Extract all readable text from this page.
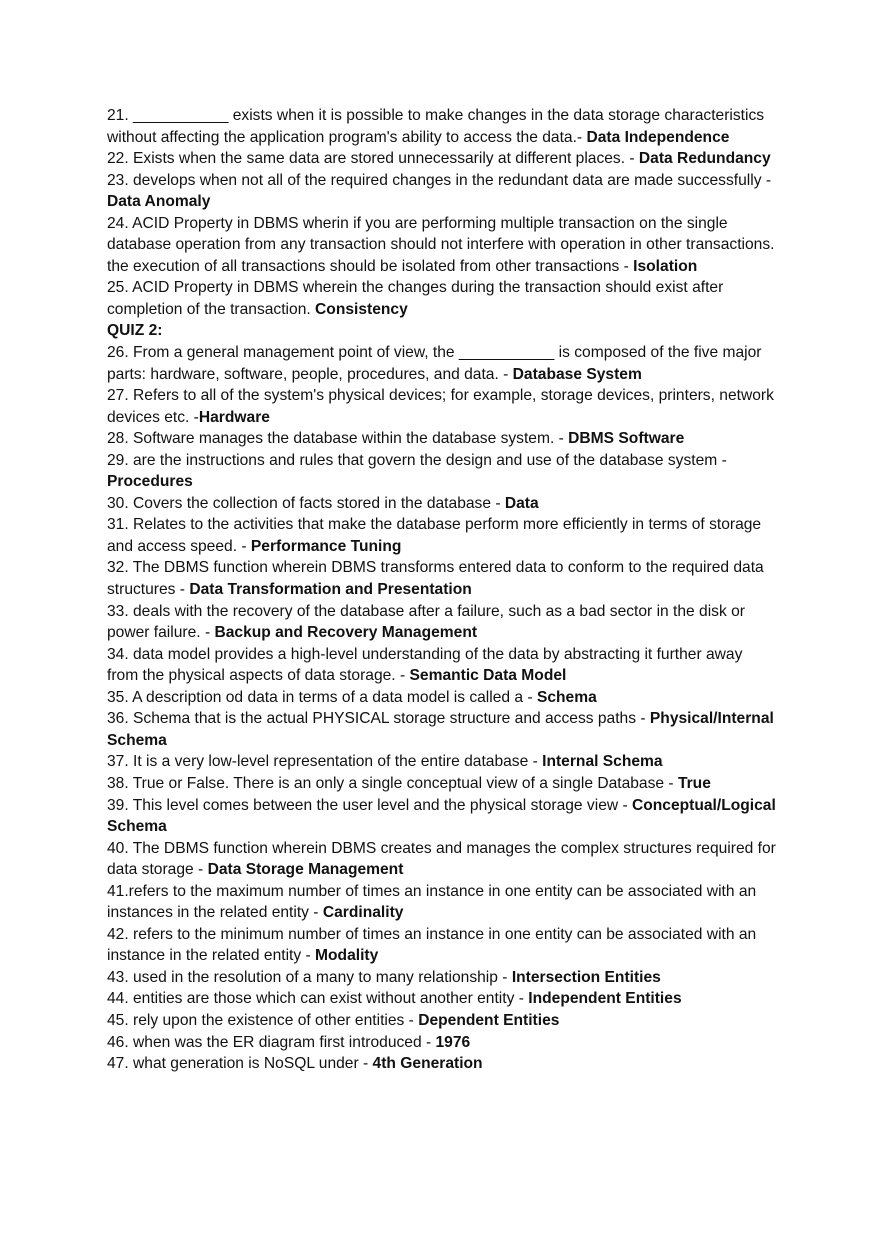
21. ___________ exists when it is possible to make changes in the data storage characteristics without affecting the application program's ability to access the data.- Data Independence

22. Exists when the same data are stored unnecessarily at different places. - Data Redundancy

23. develops when not all of the required changes in the redundant data are made successfully - Data Anomaly

24. ACID Property in DBMS wherin if you are performing multiple transaction on the single database operation from any transaction should not interfere with operation in other transactions. the execution of all transactions should be isolated from other transactions - Isolation

25. ACID Property in DBMS wherein the changes during the transaction should exist after completion of the transaction. Consistency

QUIZ 2:

26. From a general management point of view, the ___________ is composed of the five major parts: hardware, software, people, procedures, and data. - Database System

27. Refers to all of the system's physical devices; for example, storage devices, printers, network devices etc. -Hardware

28. Software manages the database within the database system. - DBMS Software

29. are the instructions and rules that govern the design and use of the database system - Procedures

30. Covers the collection of facts stored in the database - Data

31. Relates to the activities that make the database perform more efficiently in terms of storage and access speed. - Performance Tuning

32. The DBMS function wherein DBMS transforms entered data to conform to the required data structures - Data Transformation and Presentation

33. deals with the recovery of the database after a failure, such as a bad sector in the disk or power failure. - Backup and Recovery Management

34. data model provides a high-level understanding of the data by abstracting it further away from the physical aspects of data storage. - Semantic Data Model

35. A description od data in terms of a data model is called a - Schema

36. Schema that is the actual PHYSICAL storage structure and access paths - Physical/Internal Schema

37. It is a very low-level representation of the entire database - Internal Schema

38. True or False. There is an only a single conceptual view of a single Database - True

39. This level comes between the user level and the physical storage view - Conceptual/Logical Schema

40. The DBMS function wherein DBMS creates and manages the complex structures required for data storage - Data Storage Management

41.refers to the maximum number of times an instance in one entity can be associated with an instances in the related entity - Cardinality

42. refers to the minimum number of times an instance in one entity can be associated with an instance in the related entity - Modality

43. used in the resolution of a many to many relationship - Intersection Entities

44. entities are those which can exist without another entity - Independent Entities

45. rely upon the existence of other entities - Dependent Entities

46. when was the ER diagram first introduced - 1976

47. what generation is NoSQL under - 4th Generation
